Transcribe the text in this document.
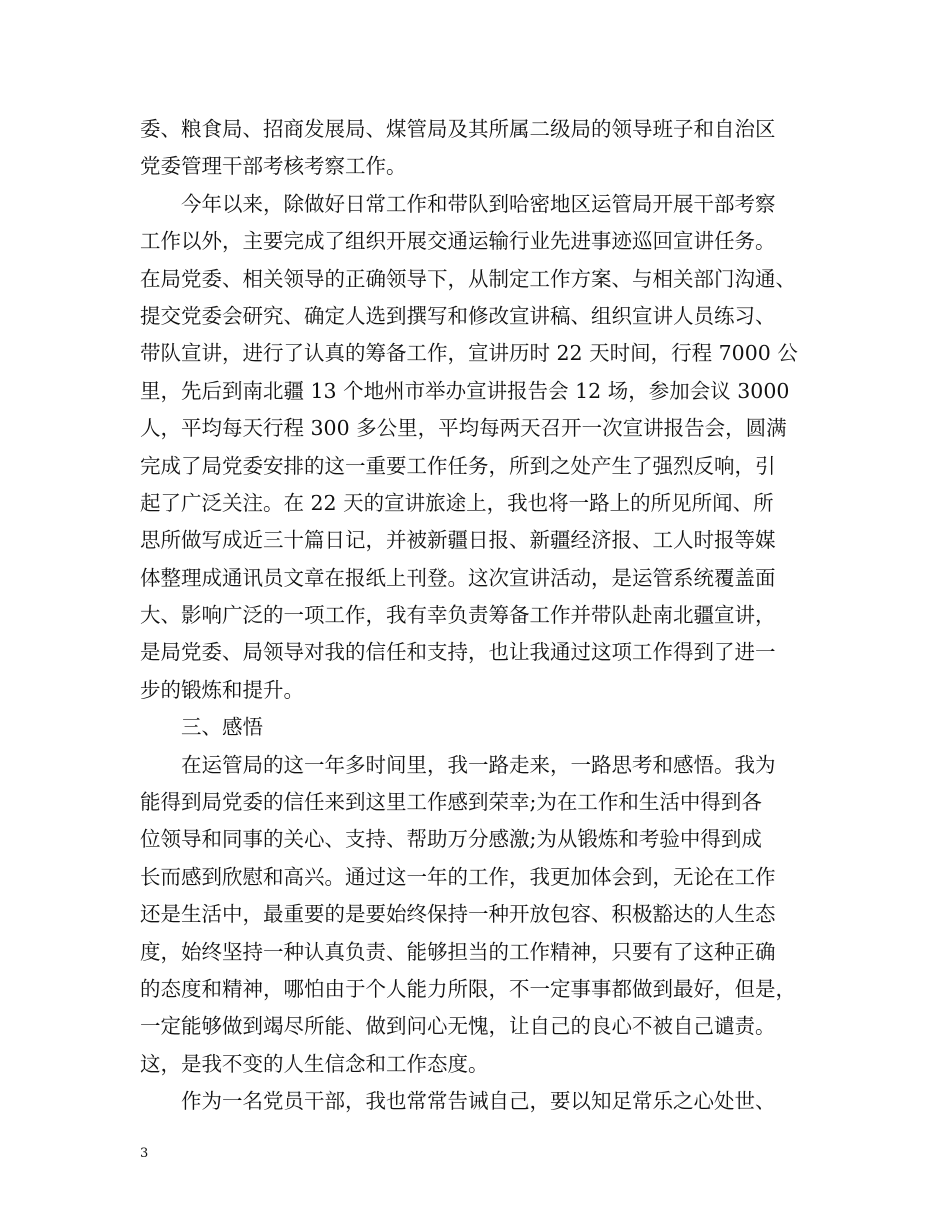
委、粮食局、招商发展局、煤管局及其所属二级局的领导班子和自治区
党委管理干部考核考察工作。
今年以来，除做好日常工作和带队到哈密地区运管局开展干部考察
工作以外，主要完成了组织开展交通运输行业先进事迹巡回宣讲任务。
在局党委、相关领导的正确领导下，从制定工作方案、与相关部门沟通、
提交党委会研究、确定人选到撰写和修改宣讲稿、组织宣讲人员练习、
带队宣讲，进行了认真的筹备工作，宣讲历时 22 天时间，行程 7000 公
里，先后到南北疆 13 个地州市举办宣讲报告会 12 场，参加会议 3000
人，平均每天行程 300 多公里，平均每两天召开一次宣讲报告会，圆满
完成了局党委安排的这一重要工作任务，所到之处产生了强烈反响，引
起了广泛关注。在 22 天的宣讲旅途上，我也将一路上的所见所闻、所
思所做写成近三十篇日记，并被新疆日报、新疆经济报、工人时报等媒
体整理成通讯员文章在报纸上刊登。这次宣讲活动，是运管系统覆盖面
大、影响广泛的一项工作，我有幸负责筹备工作并带队赴南北疆宣讲，
是局党委、局领导对我的信任和支持，也让我通过这项工作得到了进一
步的锻炼和提升。
三、感悟
在运管局的这一年多时间里，我一路走来，一路思考和感悟。我为
能得到局党委的信任来到这里工作感到荣幸;为在工作和生活中得到各
位领导和同事的关心、支持、帮助万分感激;为从锻炼和考验中得到成
长而感到欣慰和高兴。通过这一年的工作，我更加体会到，无论在工作
还是生活中，最重要的是要始终保持一种开放包容、积极豁达的人生态
度，始终坚持一种认真负责、能够担当的工作精神，只要有了这种正确
的态度和精神，哪怕由于个人能力所限，不一定事事都做到最好，但是，
一定能够做到竭尽所能、做到问心无愧，让自己的良心不被自己谴责。
这，是我不变的人生信念和工作态度。
作为一名党员干部，我也常常告诫自己，要以知足常乐之心处世、
3
